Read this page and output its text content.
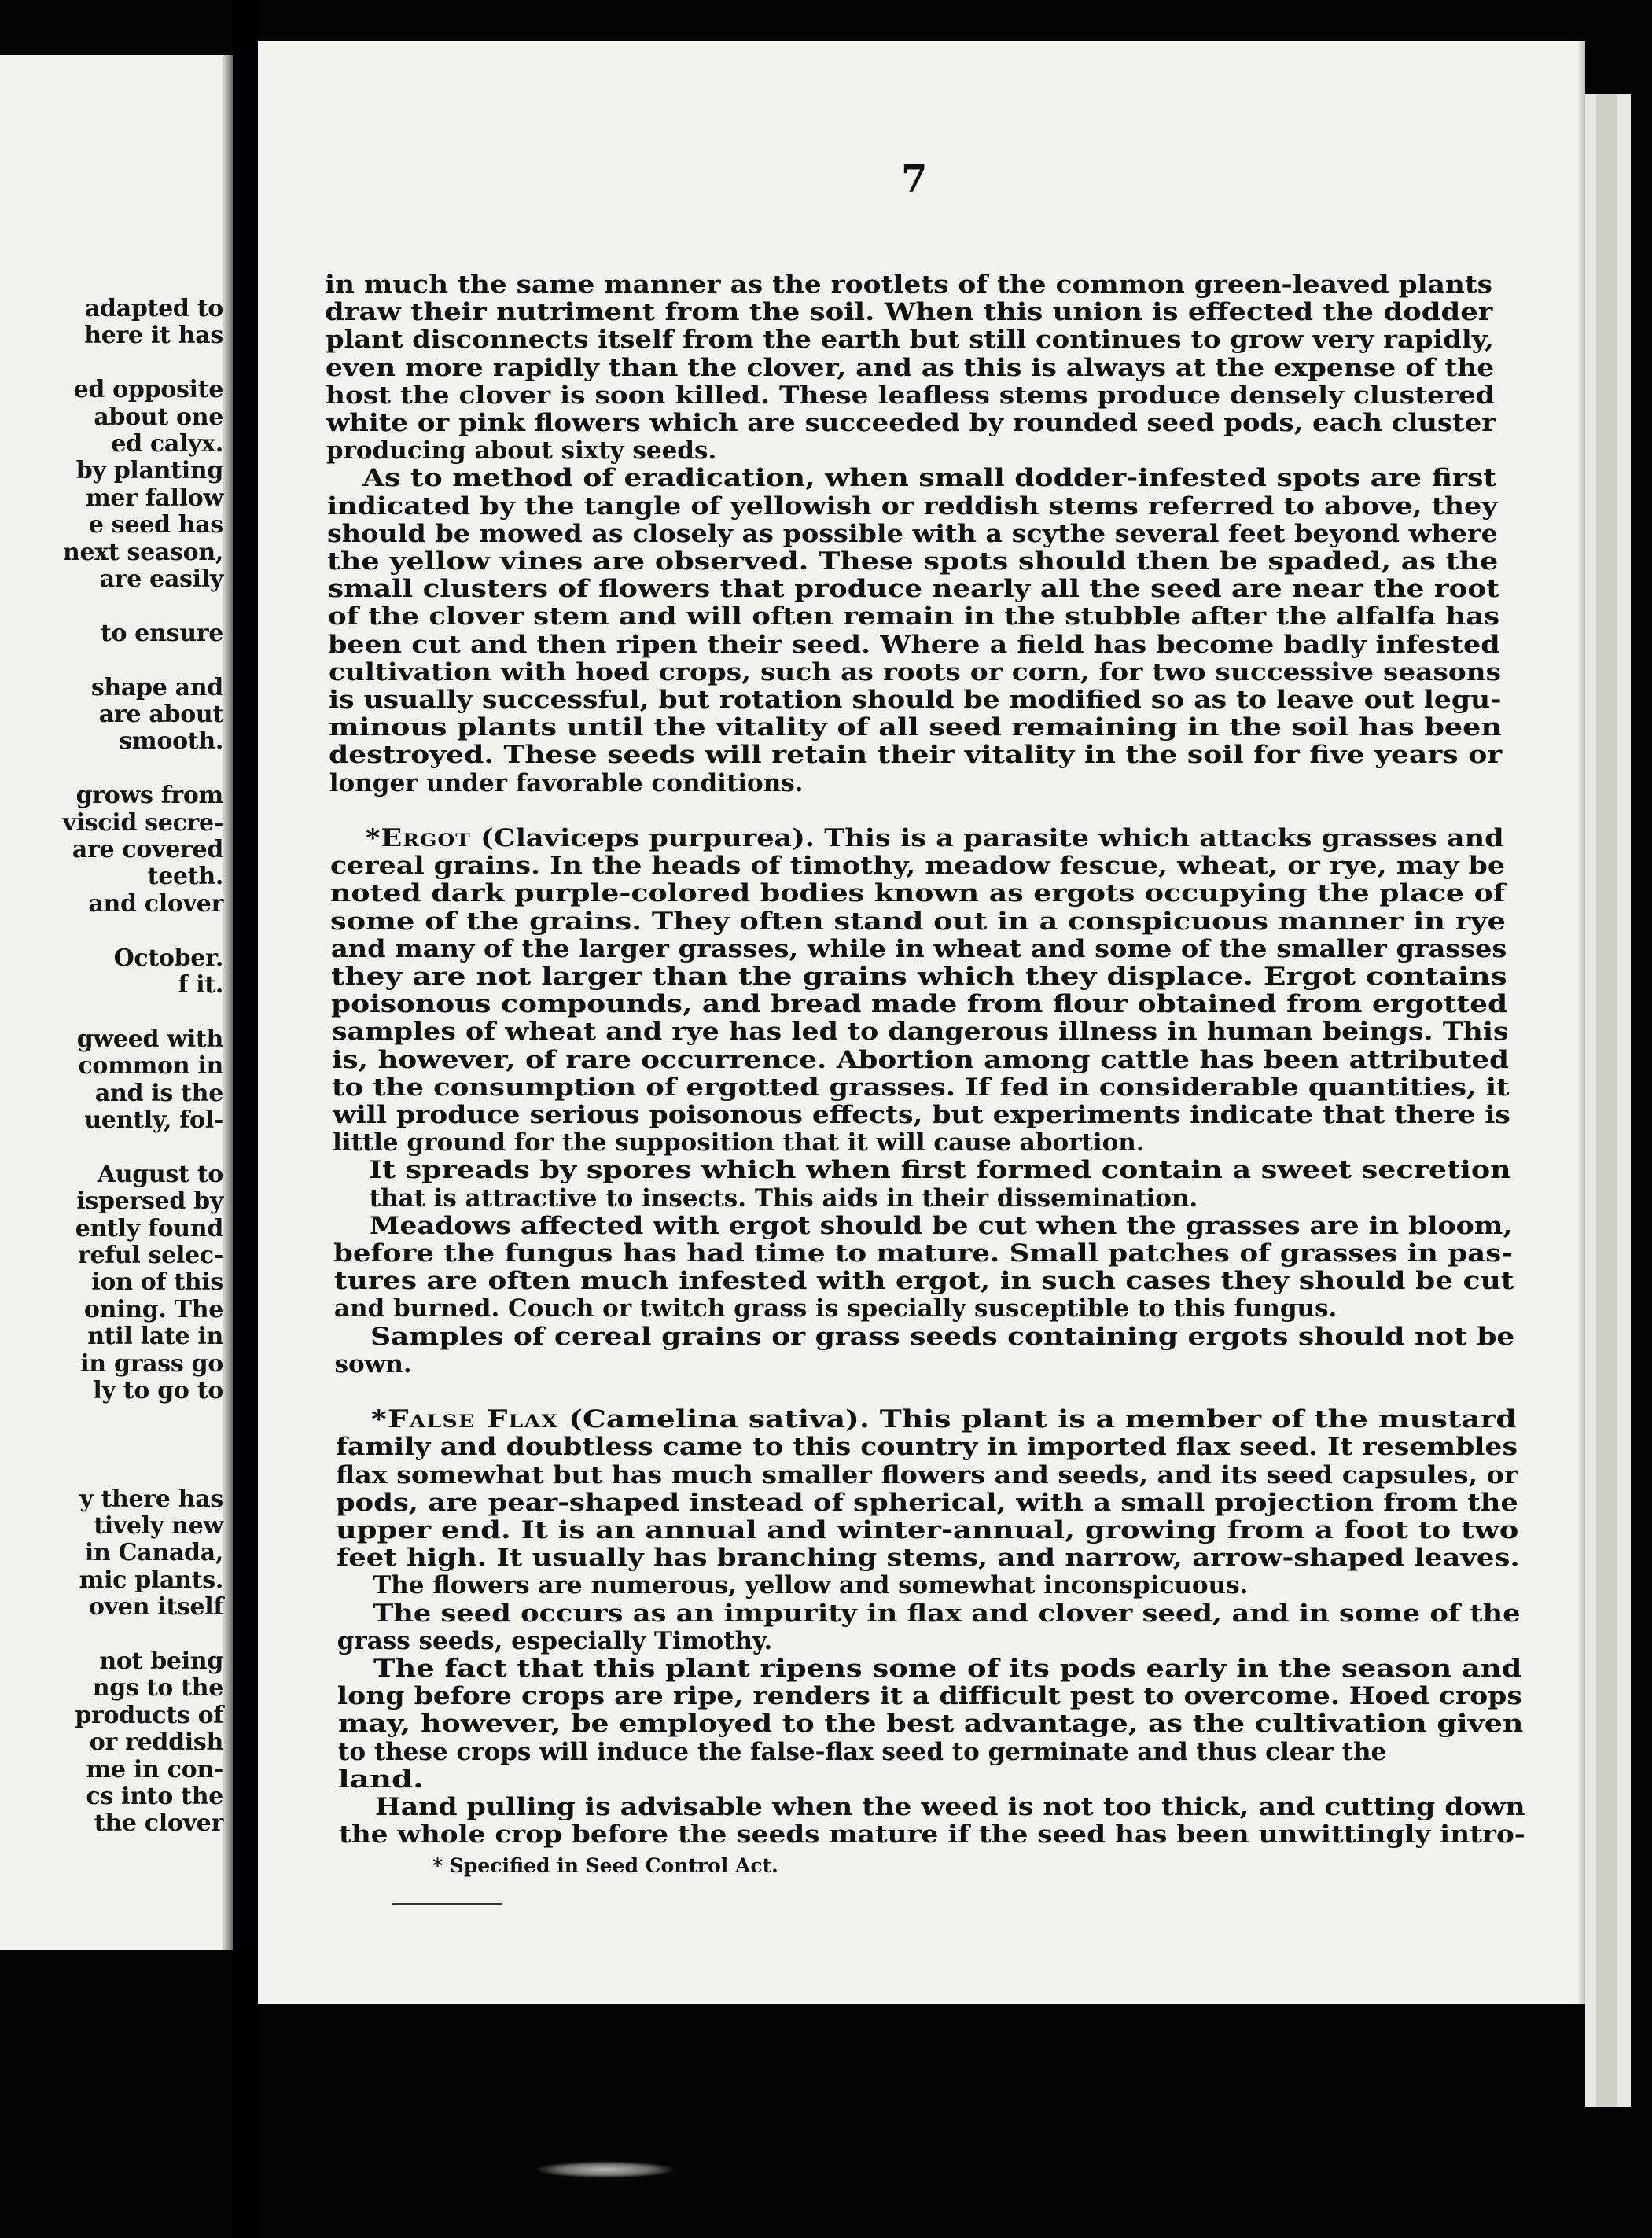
adapted to
here it has
ed opposite
about one
ed calyx.
by planting
mer fallow
e seed has
next season,
are easily
to ensure
shape and
are about
smooth.
grows from
viscid secre-
are covered
teeth.
and clover
October.
f it.
gweed with
common in
and is the
uently, fol-
August to
ispersed by
ently found
reful selec-
ion of this
oning. The
ntil late in
in grass go
ly to go to
y there has
tively new
in Canada,
mic plants.
oven itself
not being
ngs to the
products of
or reddish
me in con-
cs into the
the clover
7
in much the same manner as the rootlets of the common green-leaved plants
draw their nutriment from the soil. When this union is effected the dodder
plant disconnects itself from the earth but still continues to grow very rapidly,
even more rapidly than the clover, and as this is always at the expense of the
host the clover is soon killed. These leafless stems produce densely clustered
white or pink flowers which are succeeded by rounded seed pods, each cluster
producing about sixty seeds.
As to method of eradication, when small dodder-infested spots are first
indicated by the tangle of yellowish or reddish stems referred to above, they
should be mowed as closely as possible with a scythe several feet beyond where
the yellow vines are observed. These spots should then be spaded, as the
small clusters of flowers that produce nearly all the seed are near the root
of the clover stem and will often remain in the stubble after the alfalfa has
been cut and then ripen their seed. Where a field has become badly infested
cultivation with hoed crops, such as roots or corn, for two successive seasons
is usually successful, but rotation should be modified so as to leave out legu-
minous plants until the vitality of all seed remaining in the soil has been
destroyed. These seeds will retain their vitality in the soil for five years or
longer under favorable conditions.
*Ergot (Claviceps purpurea). This is a parasite which attacks grasses and
cereal grains. In the heads of timothy, meadow fescue, wheat, or rye, may be
noted dark purple-colored bodies known as ergots occupying the place of
some of the grains. They often stand out in a conspicuous manner in rye
and many of the larger grasses, while in wheat and some of the smaller grasses
they are not larger than the grains which they displace. Ergot contains
poisonous compounds, and bread made from flour obtained from ergotted
samples of wheat and rye has led to dangerous illness in human beings. This
is, however, of rare occurrence. Abortion among cattle has been attributed
to the consumption of ergotted grasses. If fed in considerable quantities, it
will produce serious poisonous effects, but experiments indicate that there is
little ground for the supposition that it will cause abortion.
It spreads by spores which when first formed contain a sweet secretion
that is attractive to insects. This aids in their dissemination.
Meadows affected with ergot should be cut when the grasses are in bloom,
before the fungus has had time to mature. Small patches of grasses in pas-
tures are often much infested with ergot, in such cases they should be cut
and burned. Couch or twitch grass is specially susceptible to this fungus.
Samples of cereal grains or grass seeds containing ergots should not be
sown.
*False Flax (Camelina sativa). This plant is a member of the mustard
family and doubtless came to this country in imported flax seed. It resembles
flax somewhat but has much smaller flowers and seeds, and its seed capsules, or
pods, are pear-shaped instead of spherical, with a small projection from the
upper end. It is an annual and winter-annual, growing from a foot to two
feet high. It usually has branching stems, and narrow, arrow-shaped leaves.
The flowers are numerous, yellow and somewhat inconspicuous.
The seed occurs as an impurity in flax and clover seed, and in some of the
grass seeds, especially Timothy.
The fact that this plant ripens some of its pods early in the season and
long before crops are ripe, renders it a difficult pest to overcome. Hoed crops
may, however, be employed to the best advantage, as the cultivation given
to these crops will induce the false-flax seed to germinate and thus clear the
land.
Hand pulling is advisable when the weed is not too thick, and cutting down
the whole crop before the seeds mature if the seed has been unwittingly intro-
* Specified in Seed Control Act.
